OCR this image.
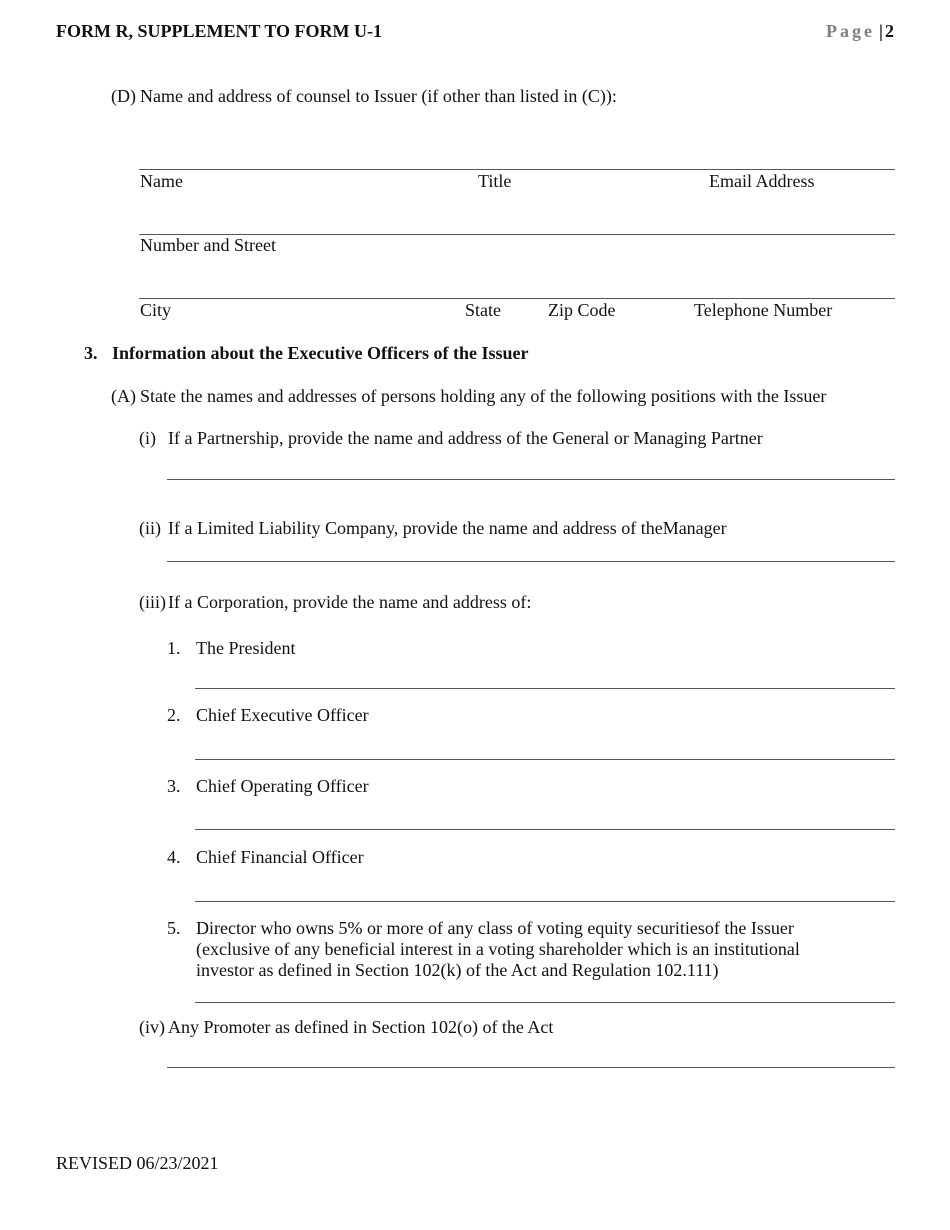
FORM R, SUPPLEMENT TO FORM U-1	Page | 2
(D) Name and address of counsel to Issuer (if other than listed in (C)):
Name	Title	Email Address
Number and Street
City	State	Zip Code	Telephone Number
3. Information about the Executive Officers of the Issuer
(A) State the names and addresses of persons holding any of the following positions with the Issuer
(i) If a Partnership, provide the name and address of the General or Managing Partner
(ii) If a Limited Liability Company, provide the name and address of theManager
(iii) If a Corporation, provide the name and address of:
1. The President
2. Chief Executive Officer
3. Chief Operating Officer
4. Chief Financial Officer
5. Director who owns 5% or more of any class of voting equity securitiesof the Issuer
(exclusive of any beneficial interest in a voting shareholder which is an institutional
investor as defined in Section 102(k) of the Act and Regulation 102.111)
(iv) Any Promoter as defined in Section 102(o) of the Act
REVISED 06/23/2021
